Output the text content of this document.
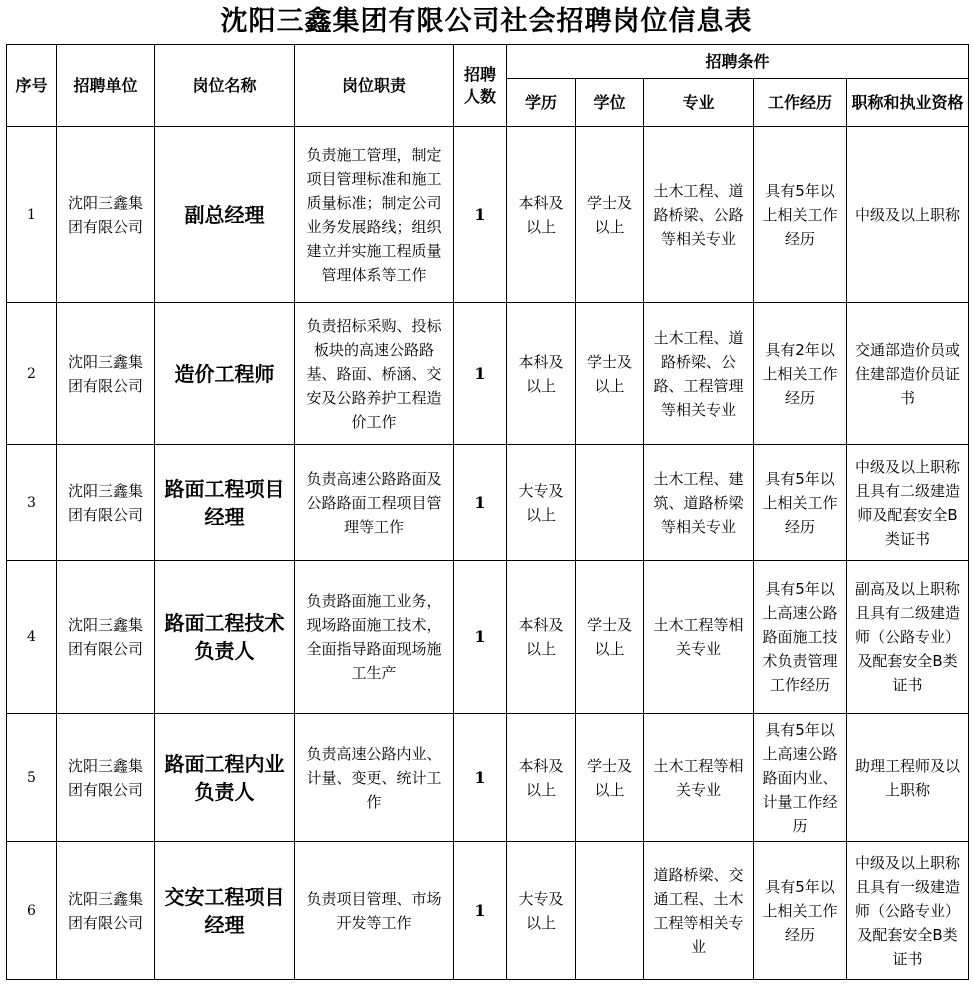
沈阳三鑫集团有限公司社会招聘岗位信息表
序号	招聘单位	岗位名称	岗位职责	招聘人数	招聘条件				
					学历	学位	专业	工作经历	职称和执业资格
1	沈阳三鑫集团有限公司	副总经理	负责施工管理，制定项目管理标准和施工质量标准；制定公司业务发展路线；组织建立并实施工程质量管理体系等工作	1	本科及以上	学士及以上	土木工程、道路桥梁、公路等相关专业	具有5年以上相关工作经历	中级及以上职称
2	沈阳三鑫集团有限公司	造价工程师	负责招标采购、投标板块的高速公路路基、路面、桥涵、交安及公路养护工程造价工作	1	本科及以上	学士及以上	土木工程、道路桥梁、公路、工程管理等相关专业	具有2年以上相关工作经历	交通部造价员或住建部造价员证书
3	沈阳三鑫集团有限公司	路面工程项目经理	负责高速公路路面及公路路面工程项目管理等工作	1	大专及以上		土木工程、建筑、道路桥梁等相关专业	具有5年以上相关工作经历	中级及以上职称且具有二级建造师及配套安全B类证书
4	沈阳三鑫集团有限公司	路面工程技术负责人	负责路面施工业务，现场路面施工技术，全面指导路面现场施工生产	1	本科及以上	学士及以上	土木工程等相关专业	具有5年以上高速公路路面施工技术负责管理工作经历	副高及以上职称且具有二级建造师（公路专业）及配套安全B类证书
5	沈阳三鑫集团有限公司	路面工程内业负责人	负责高速公路内业、计量、变更、统计工作	1	本科及以上	学士及以上	土木工程等相关专业	具有5年以上高速公路路面内业、计量工作经历	助理工程师及以上职称
6	沈阳三鑫集团有限公司	交安工程项目经理	负责项目管理、市场开发等工作	1	大专及以上		道路桥梁、交通工程、土木工程等相关专业	具有5年以上相关工作经历	中级及以上职称且具有一级建造师（公路专业）及配套安全B类证书
